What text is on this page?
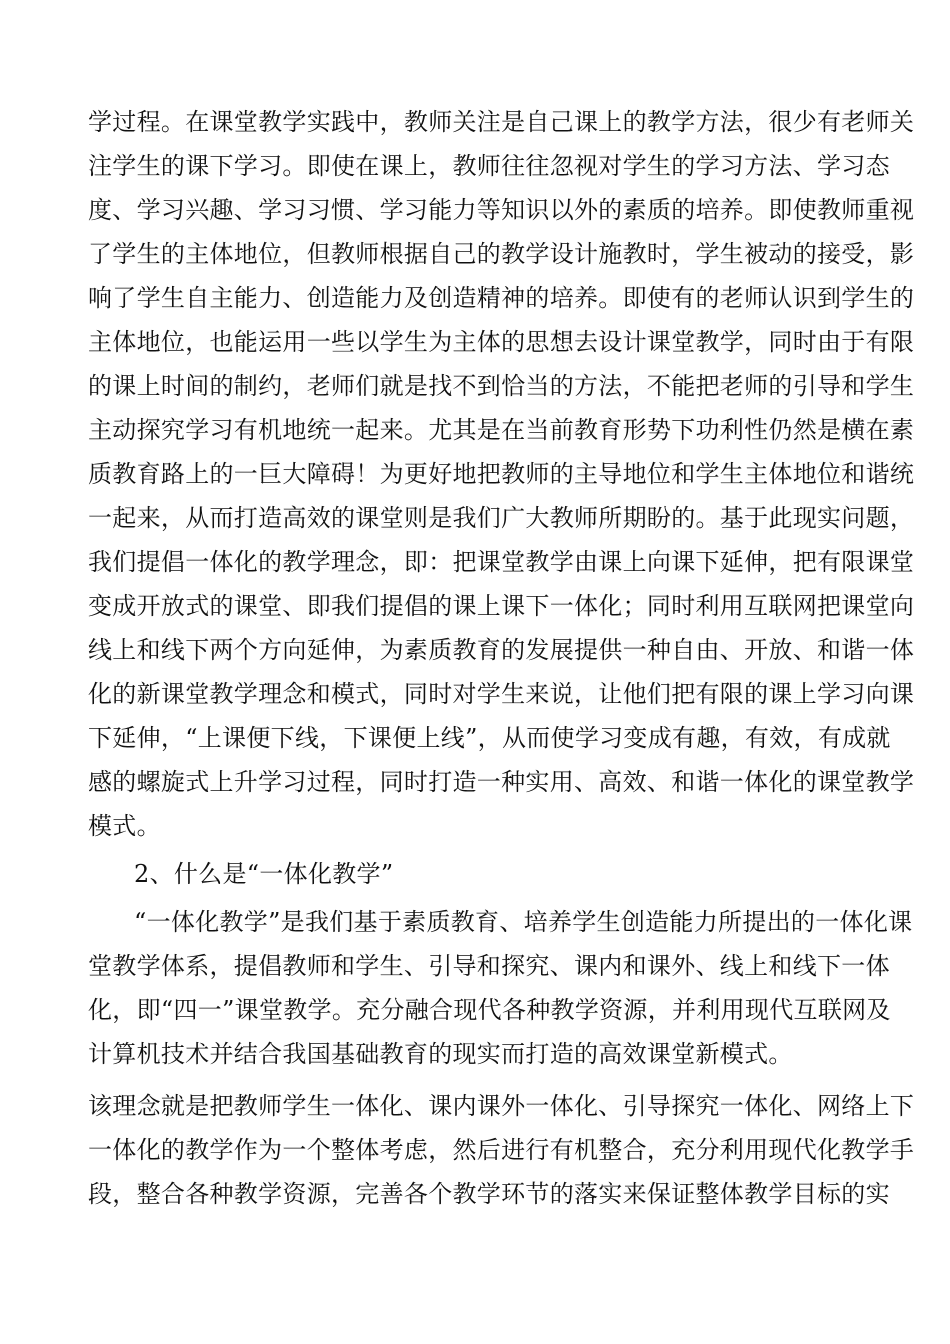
学过程。在课堂教学实践中，教师关注是自己课上的教学方法，很少有老师关
注学生的课下学习。即使在课上，教师往往忽视对学生的学习方法、学习态
度、学习兴趣、学习习惯、学习能力等知识以外的素质的培养。即使教师重视
了学生的主体地位，但教师根据自己的教学设计施教时，学生被动的接受，影
响了学生自主能力、创造能力及创造精神的培养。即使有的老师认识到学生的
主体地位，也能运用一些以学生为主体的思想去设计课堂教学，同时由于有限
的课上时间的制约，老师们就是找不到恰当的方法，不能把老师的引导和学生
主动探究学习有机地统一起来。尤其是在当前教育形势下功利性仍然是横在素
质教育路上的一巨大障碍！为更好地把教师的主导地位和学生主体地位和谐统
一起来，从而打造高效的课堂则是我们广大教师所期盼的。基于此现实问题，
我们提倡一体化的教学理念，即：把课堂教学由课上向课下延伸，把有限课堂
变成开放式的课堂、即我们提倡的课上课下一体化；同时利用互联网把课堂向
线上和线下两个方向延伸，为素质教育的发展提供一种自由、开放、和谐一体
化的新课堂教学理念和模式，同时对学生来说，让他们把有限的课上学习向课
下延伸，“上课便下线，下课便上线”，从而使学习变成有趣，有效，有成就
感的螺旋式上升学习过程，同时打造一种实用、高效、和谐一体化的课堂教学
模式。
2、什么是“一体化教学”
“一体化教学”是我们基于素质教育、培养学生创造能力所提出的一体化课
堂教学体系，提倡教师和学生、引导和探究、课内和课外、线上和线下一体
化，即“四一”课堂教学。充分融合现代各种教学资源，并利用现代互联网及
计算机技术并结合我国基础教育的现实而打造的高效课堂新模式。
该理念就是把教师学生一体化、课内课外一体化、引导探究一体化、网络上下
一体化的教学作为一个整体考虑，然后进行有机整合，充分利用现代化教学手
段，整合各种教学资源，完善各个教学环节的落实来保证整体教学目标的实
